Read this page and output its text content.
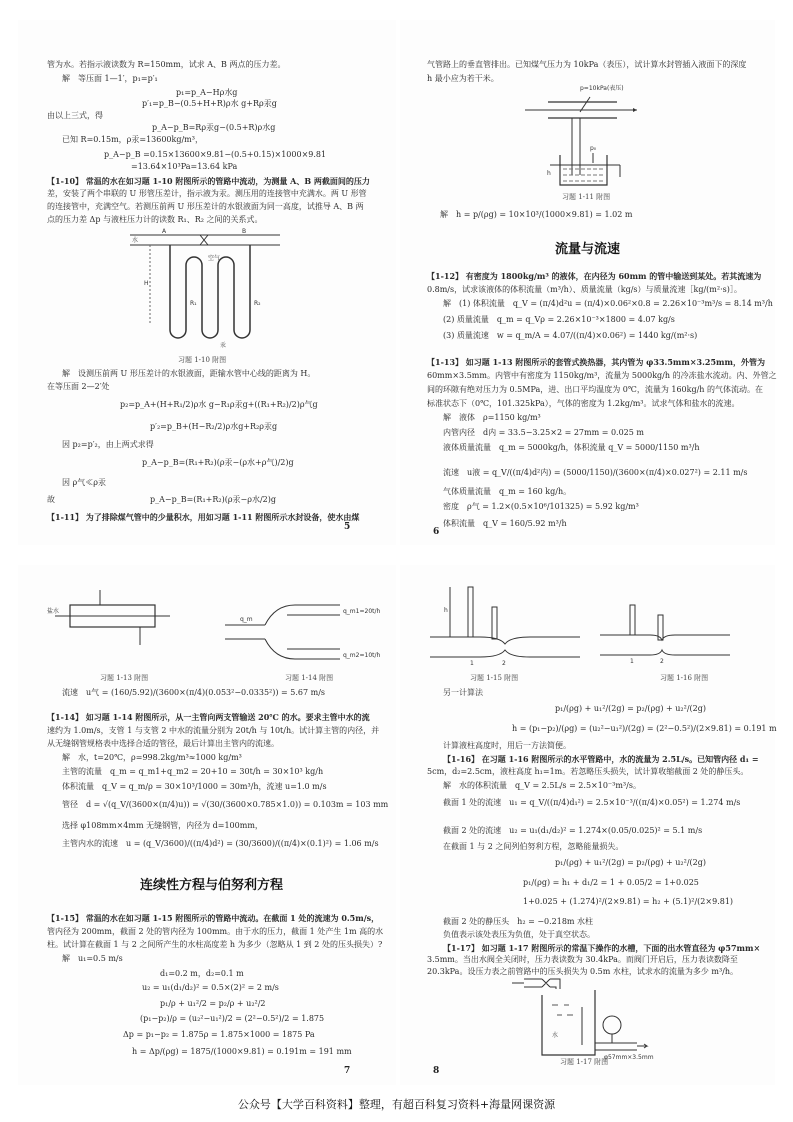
管为水。若指示液读数为 R=150mm，试求 A、B 两点的压力差。
解　等压面 1—1′，p₁=p′₁
p₁=p_A−Hρ水g
p′₁=p_B−(0.5+H+R)ρ水 g+Rρ汞g
由以上三式，得
p_A−p_B=Rρ汞g−(0.5+R)ρ水g
已知 R=0.15m，ρ汞=13600kg/m³，
p_A−p_B =0.15×13600×9.81−(0.5+0.15)×1000×9.81
=13.64×10³Pa=13.64 kPa
【1-10】 常温的水在如习题 1-10 附图所示的管路中流动，为测量 A、B 两截面间的压力
差，安装了两个串联的 U 形管压差计，指示液为汞。测压用的连接管中充满水。两 U 形管
的连接管中，充满空气。若测压前两 U 形压差计的水银液面为同一高度，试推导 A、B 两
点的压力差 Δp 与液柱压力计的读数 R₁、R₂ 之间的关系式。
水
A	B
H
R₁	R₂
空气
汞
习题 1-10 附图
解　设测压前两 U 形压差计的水银液面，距输水管中心线的距离为 H。
在等压面 2—2′处
p₂=p_A+(H+R₁/2)ρ水 g−R₁ρ汞g+((R₁+R₂)/2)ρ气g
p′₂=p_B+(H−R₂/2)ρ水g+R₂ρ汞g
因 p₂=p′₂，由上两式求得
p_A−p_B=(R₁+R₂)(ρ汞−(ρ水+ρ气)/2)g
因 ρ气≪ρ汞
故	p_A−p_B=(R₁+R₂)(ρ汞−ρ水/2)g
【1-11】 为了排除煤气管中的少量积水，用如习题 1-11 附图所示水封设备，使水由煤
5
气管路上的垂直管排出。已知煤气压力为 10kPa（表压），试计算水封管插入液面下的深度
h 最小应为若干米。
p=10kPa(表压)
p₀
h
习题 1-11 附图
解　h = p/(ρg) = 10×10³/(1000×9.81) = 1.02 m
流量与流速
【1-12】 有密度为 1800kg/m³ 的液体，在内径为 60mm 的管中输送到某处。若其流速为
0.8m/s，试求该液体的体积流量（m³/h）、质量流量（kg/s）与质量流速［kg/(m²·s)］。
解　(1) 体积流量　q_V = (π/4)d²u = (π/4)×0.06²×0.8 = 2.26×10⁻³m³/s = 8.14 m³/h
(2) 质量流量　q_m = q_Vρ = 2.26×10⁻³×1800 = 4.07 kg/s
(3) 质量流速　w = q_m/A = 4.07/((π/4)×0.06²) = 1440 kg/(m²·s)
【1-13】 如习题 1-13 附图所示的套管式换热器，其内管为 φ33.5mm×3.25mm，外管为
60mm×3.5mm。内管中有密度为 1150kg/m³，流量为 5000kg/h 的冷冻盐水流动。内、外管之
间的环隙有绝对压力为 0.5MPa，进、出口平均温度为 0℃，流量为 160kg/h 的气体流动。在
标准状态下（0℃，101.325kPa），气体的密度为 1.2kg/m³。试求气体和盐水的流速。
解　液体　ρ=1150 kg/m³
内管内径　d内 = 33.5−3.25×2 = 27mm = 0.025 m
液体质量流量　q_m = 5000kg/h，体积流量 q_V = 5000/1150 m³/h
流速　u液 = q_V/((π/4)d²内) = (5000/1150)/(3600×(π/4)×0.027²) = 2.11 m/s
气体质量流量　q_m = 160 kg/h。
密度　ρ气 = 1.2×(0.5×10⁶/101325) = 5.92 kg/m³
体积流量　q_V = 160/5.92 m³/h
6
盐水
q_m
q_m1=20t/h
q_m2=10t/h
习题 1-13 附图	习题 1-14 附图
流速　u气 = (160/5.92)/(3600×(π/4)(0.053²−0.0335²)) = 5.67 m/s
【1-14】 如习题 1-14 附图所示，从一主管向两支管输送 20℃ 的水。要求主管中水的流
速约为 1.0m/s，支管 1 与支管 2 中水的流量分别为 20t/h 与 10t/h。试计算主管的内径，并
从无缝钢管规格表中选择合适的管径，最后计算出主管内的流速。
解　水，t=20℃，ρ=998.2kg/m³≈1000 kg/m³
主管的流量　q_m = q_m1+q_m2 = 20+10 = 30t/h = 30×10³ kg/h
体积流量　q_V = q_m/ρ = 30×10³/1000 = 30m³/h，流速 u=1.0 m/s
管径　d = √(q_V/(3600×(π/4)u)) = √(30/(3600×0.785×1.0)) = 0.103m = 103 mm
选择 φ108mm×4mm 无缝钢管，内径为 d=100mm，
主管内水的流速　u = (q_V/3600)/((π/4)d²) = (30/3600)/((π/4)×(0.1)²) = 1.06 m/s
连续性方程与伯努利方程
【1-15】 常温的水在如习题 1-15 附图所示的管路中流动。在截面 1 处的流速为 0.5m/s，
管内径为 200mm，截面 2 处的管内径为 100mm。由于水的压力，截面 1 处产生 1m 高的水
柱。试计算在截面 1 与 2 之间所产生的水柱高度差 h 为多少（忽略从 1 到 2 处的压头损失）?
解　u₁=0.5 m/s
d₁=0.2 m，d₂=0.1 m
u₂ = u₁(d₁/d₂)² = 0.5×(2)² = 2 m/s
p₁/ρ + u₁²/2 = p₂/ρ + u₂²/2
(p₁−p₂)/ρ = (u₂²−u₁²)/2 = (2²−0.5²)/2 = 1.875
Δp = p₁−p₂ = 1.875ρ = 1.875×1000 = 1875 Pa
h = Δp/(ρg) = 1875/(1000×9.81) = 0.191m = 191 mm
7
h
1	2	1	2
习题 1-15 附图	习题 1-16 附图
另一计算法
p₁/(ρg) + u₁²/(2g) = p₂/(ρg) + u₂²/(2g)
h = (p₁−p₂)/(ρg) = (u₂²−u₁²)/(2g) = (2²−0.5²)/(2×9.81) = 0.191 m
计算液柱高度时，用后一方法简便。
【1-16】 在习题 1-16 附图所示的水平管路中，水的流量为 2.5L/s。已知管内径 d₁ =
5cm，d₂=2.5cm，液柱高度 h₁=1m。若忽略压头损失，试计算收缩截面 2 处的静压头。
解　水的体积流量　q_V = 2.5L/s = 2.5×10⁻³m³/s。
截面 1 处的流速　u₁ = q_V/((π/4)d₁²) = 2.5×10⁻³/((π/4)×0.05²) = 1.274 m/s
截面 2 处的流速　u₂ = u₁(d₁/d₂)² = 1.274×(0.05/0.025)² = 5.1 m/s
在截面 1 与 2 之间列伯努利方程，忽略能量损失。
p₁/(ρg) + u₁²/(2g) = p₂/(ρg) + u₂²/(2g)
p₁/(ρg) = h₁ + d₁/2 = 1 + 0.05/2 = 1+0.025
1+0.025 + (1.274)²/(2×9.81) = h₂ + (5.1)²/(2×9.81)
截面 2 处的静压头　h₂ = −0.218m 水柱
负值表示该处表压为负值，处于真空状态。
【1-17】 如习题 1-17 附图所示的常温下操作的水槽，下面的出水管直径为 φ57mm×
3.5mm。当出水阀全关闭时，压力表读数为 30.4kPa。而阀门开启后，压力表读数降至
20.3kPa。设压力表之前管路中的压头损失为 0.5m 水柱，试求水的流量为多少 m³/h。
水
φ57mm×3.5mm
习题 1-17 附图
8
公众号【大学百科资料】整理，有超百科复习资料+海量网课资源
